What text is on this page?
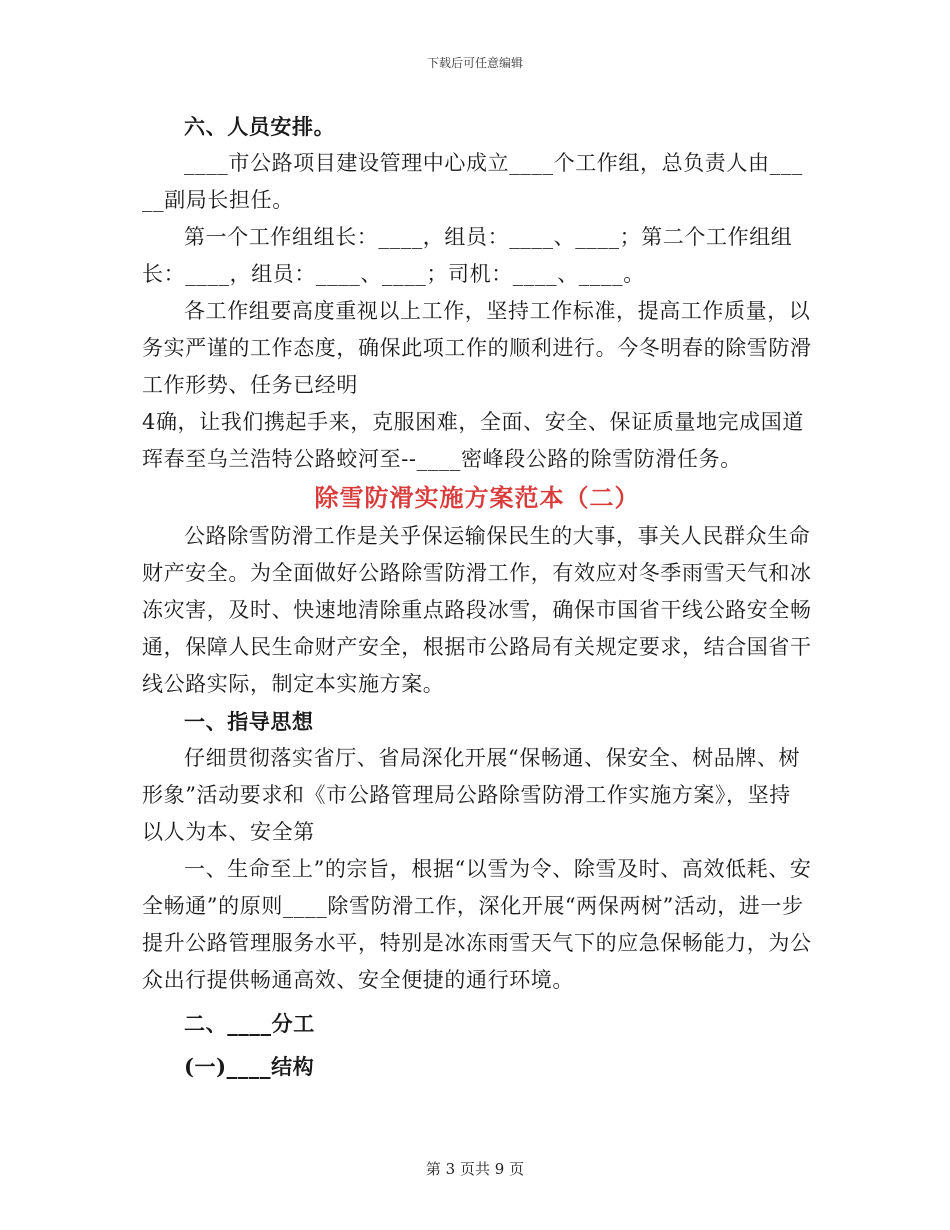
下载后可任意编辑

六、人员安排。

____市公路项目建设管理中心成立____个工作组，总负责人由_____副局长担任。

第一个工作组组长：____，组员：____、____；第二个工作组组长：____，组员：____、____；司机：____、____。

各工作组要高度重视以上工作，坚持工作标准，提高工作质量，以务实严谨的工作态度，确保此项工作的顺利进行。今冬明春的除雪防滑工作形势、任务已经明

4确，让我们携起手来，克服困难，全面、安全、保证质量地完成国道珲春至乌兰浩特公路蛟河至--____密峰段公路的除雪防滑任务。

除雪防滑实施方案范本（二）

公路除雪防滑工作是关乎保运输保民生的大事，事关人民群众生命财产安全。为全面做好公路除雪防滑工作，有效应对冬季雨雪天气和冰冻灾害，及时、快速地清除重点路段冰雪，确保市国省干线公路安全畅通，保障人民生命财产安全，根据市公路局有关规定要求，结合国省干线公路实际，制定本实施方案。

一、指导思想

仔细贯彻落实省厅、省局深化开展“保畅通、保安全、树品牌、树形象”活动要求和《市公路管理局公路除雪防滑工作实施方案》，坚持以人为本、安全第

一、生命至上”的宗旨，根据“以雪为令、除雪及时、高效低耗、安全畅通”的原则____除雪防滑工作，深化开展“两保两树”活动，进一步提升公路管理服务水平，特别是冰冻雨雪天气下的应急保畅能力，为公众出行提供畅通高效、安全便捷的通行环境。

二、____分工

(一)____结构

第 3 页共 9 页
